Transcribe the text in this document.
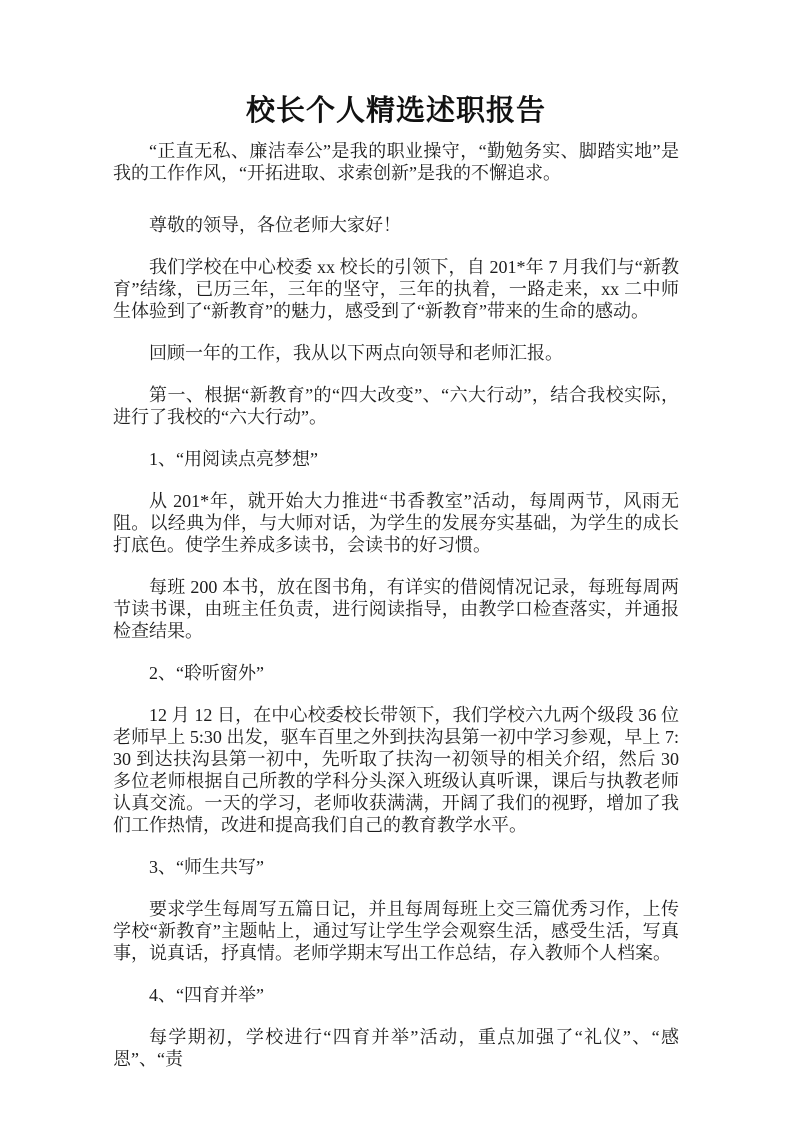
校长个人精选述职报告

“正直无私、廉洁奉公”是我的职业操守，“勤勉务实、脚踏实地”是我的工作作风，“开拓进取、求索创新”是我的不懈追求。

尊敬的领导，各位老师大家好！

我们学校在中心校委 xx 校长的引领下，自 201*年 7 月我们与“新教育”结缘，已历三年，三年的坚守，三年的执着，一路走来，xx 二中师生体验到了“新教育”的魅力，感受到了“新教育”带来的生命的感动。

回顾一年的工作，我从以下两点向领导和老师汇报。

第一、根据“新教育”的“四大改变”、“六大行动”，结合我校实际，进行了我校的“六大行动”。

1、“用阅读点亮梦想”

从 201*年，就开始大力推进“书香教室”活动，每周两节，风雨无阻。以经典为伴，与大师对话，为学生的发展夯实基础，为学生的成长打底色。使学生养成多读书，会读书的好习惯。

每班 200 本书，放在图书角，有详实的借阅情况记录，每班每周两节读书课，由班主任负责，进行阅读指导，由教学口检查落实，并通报检查结果。

2、“聆听窗外”

12 月 12 日，在中心校委校长带领下，我们学校六九两个级段 36 位老师早上 5:30 出发，驱车百里之外到扶沟县第一初中学习参观，早上 7:30 到达扶沟县第一初中，先听取了扶沟一初领导的相关介绍，然后 30 多位老师根据自己所教的学科分头深入班级认真听课，课后与执教老师认真交流。一天的学习，老师收获满满，开阔了我们的视野，增加了我们工作热情，改进和提高我们自己的教育教学水平。

3、“师生共写”

要求学生每周写五篇日记，并且每周每班上交三篇优秀习作，上传学校“新教育”主题帖上，通过写让学生学会观察生活，感受生活，写真事，说真话，抒真情。老师学期末写出工作总结，存入教师个人档案。

4、“四育并举”

每学期初，学校进行“四育并举”活动，重点加强了“礼仪”、“感恩”、“责
